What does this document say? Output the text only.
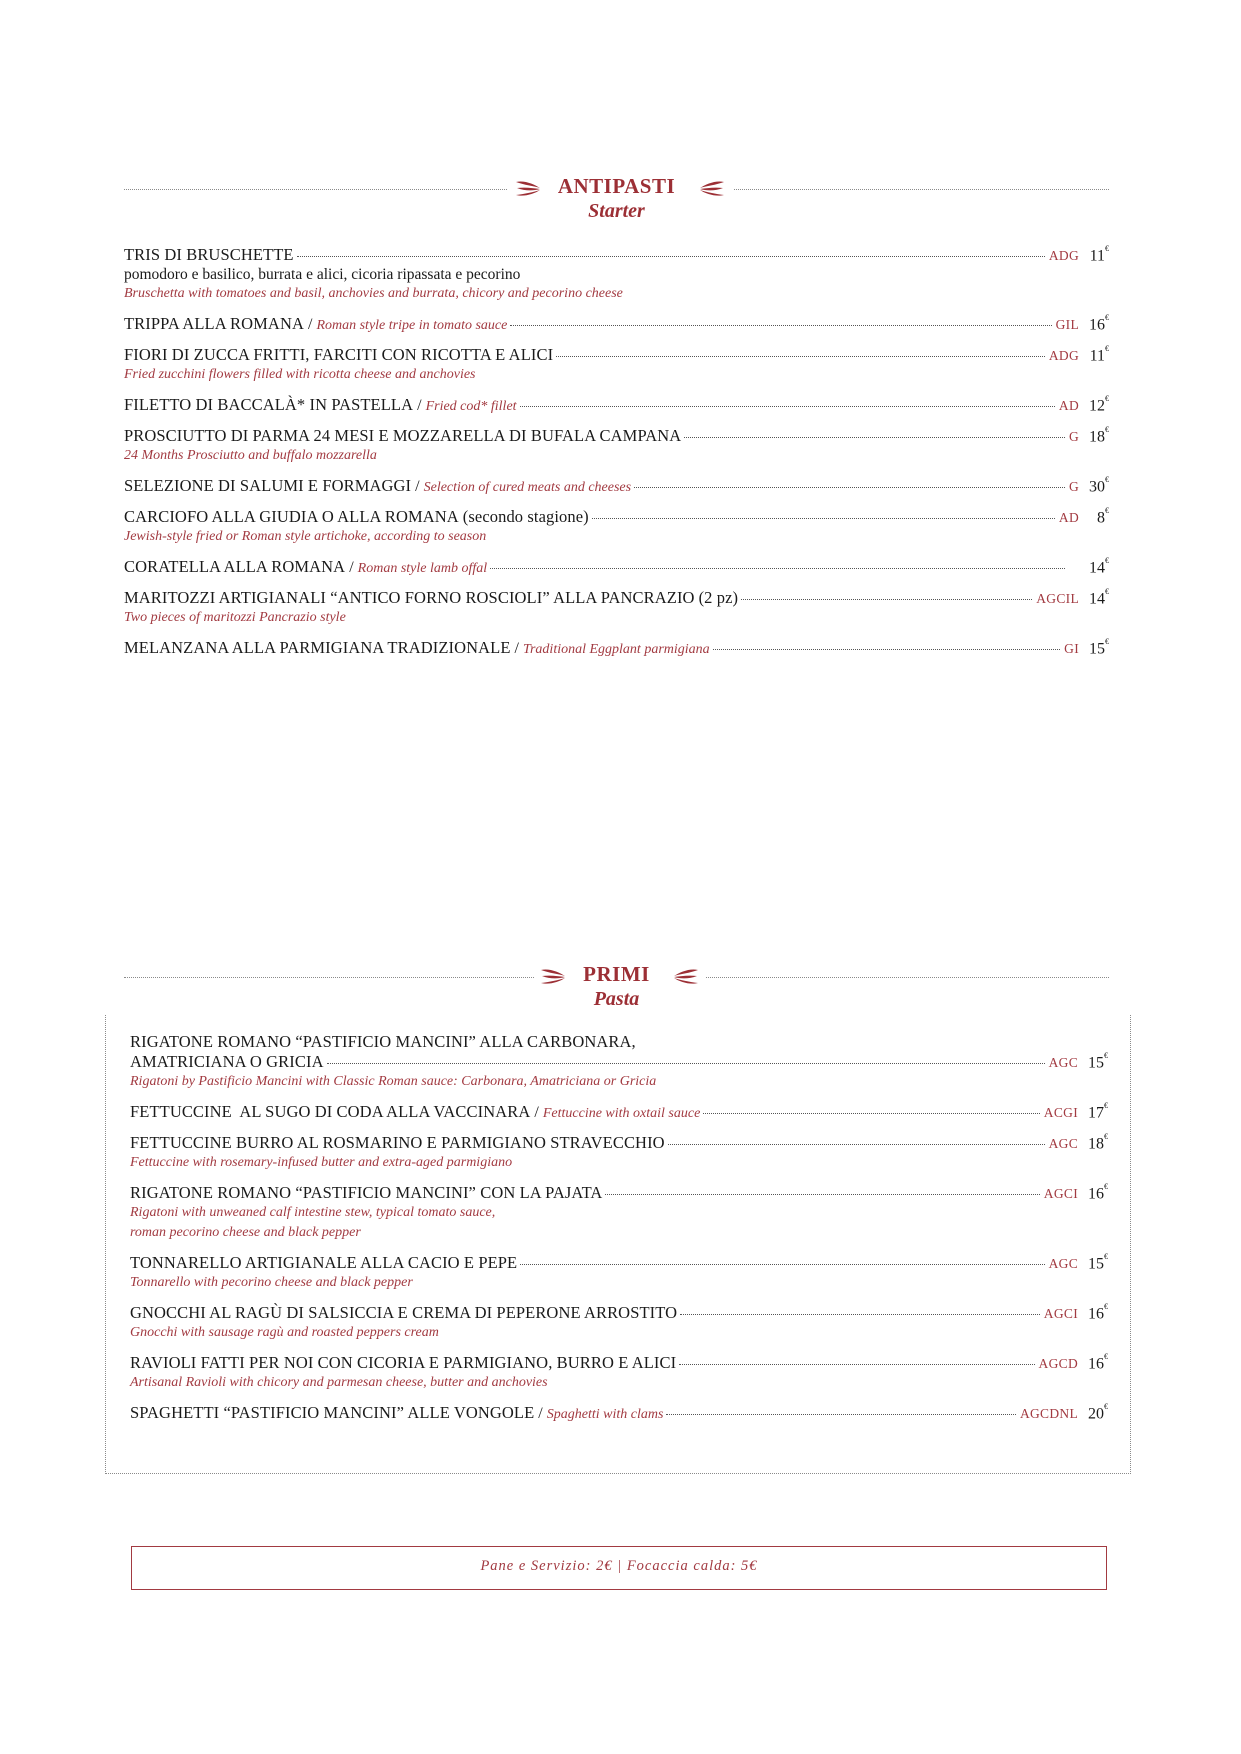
ANTIPASTI
Starter
TRIS DI BRUSCHETTE	ADG 11€
pomodoro e basilico, burrata e alici, cicoria ripassata e pecorino
Bruschetta with tomatoes and basil, anchovies and burrata, chicory and pecorino cheese
TRIPPA ALLA ROMANA / Roman style tripe in tomato sauce	GIL 16€
FIORI DI ZUCCA FRITTI, FARCITI CON RICOTTA E ALICI	ADG 11€
Fried zucchini flowers filled with ricotta cheese and anchovies
FILETTO DI BACCALÀ* IN PASTELLA / Fried cod* fillet	AD 12€
PROSCIUTTO DI PARMA 24 MESI E MOZZARELLA DI BUFALA CAMPANA	G 18€
24 Months Prosciutto and buffalo mozzarella
SELEZIONE DI SALUMI E FORMAGGI / Selection of cured meats and cheeses	G 30€
CARCIOFO ALLA GIUDIA O ALLA ROMANA (secondo stagione)	AD	8€
Jewish-style fried or Roman style artichoke, according to season
CORATELLA ALLA ROMANA / Roman style lamb offal	14€
MARITOZZI ARTIGIANALI “ANTICO FORNO ROSCIOLI” ALLA PANCRAZIO (2 pz)	AGCIL 14€
Two pieces of maritozzi Pancrazio style
MELANZANA ALLA PARMIGIANA TRADIZIONALE / Traditional Eggplant parmigiana	GI 15€
PRIMI
Pasta
RIGATONE ROMANO “PASTIFICIO MANCINI” ALLA CARBONARA,
AMATRICIANA O GRICIA	AGC 15€
Rigatoni by Pastificio Mancini with Classic Roman sauce: Carbonara, Amatriciana or Gricia
FETTUCCINE  AL SUGO DI CODA ALLA VACCINARA / Fettuccine with oxtail sauce	ACGI 17€
FETTUCCINE BURRO AL ROSMARINO E PARMIGIANO STRAVECCHIO	AGC 18€
Fettuccine with rosemary-infused butter and extra-aged parmigiano
RIGATONE ROMANO “PASTIFICIO MANCINI” CON LA PAJATA	AGCI 16€
Rigatoni with unweaned calf intestine stew, typical tomato sauce,
roman pecorino cheese and black pepper
TONNARELLO ARTIGIANALE ALLA CACIO E PEPE	AGC 15€
Tonnarello with pecorino cheese and black pepper
GNOCCHI AL RAGÙ DI SALSICCIA E CREMA DI PEPERONE ARROSTITO	AGCI 16€
Gnocchi with sausage ragù and roasted peppers cream
RAVIOLI FATTI PER NOI CON CICORIA E PARMIGIANO, BURRO E ALICI	AGCD 16€
Artisanal Ravioli with chicory and parmesan cheese, butter and anchovies
SPAGHETTI “PASTIFICIO MANCINI” ALLE VONGOLE / Spaghetti with clams	AGCDNL 20€
Pane e Servizio: 2€ | Focaccia calda: 5€
